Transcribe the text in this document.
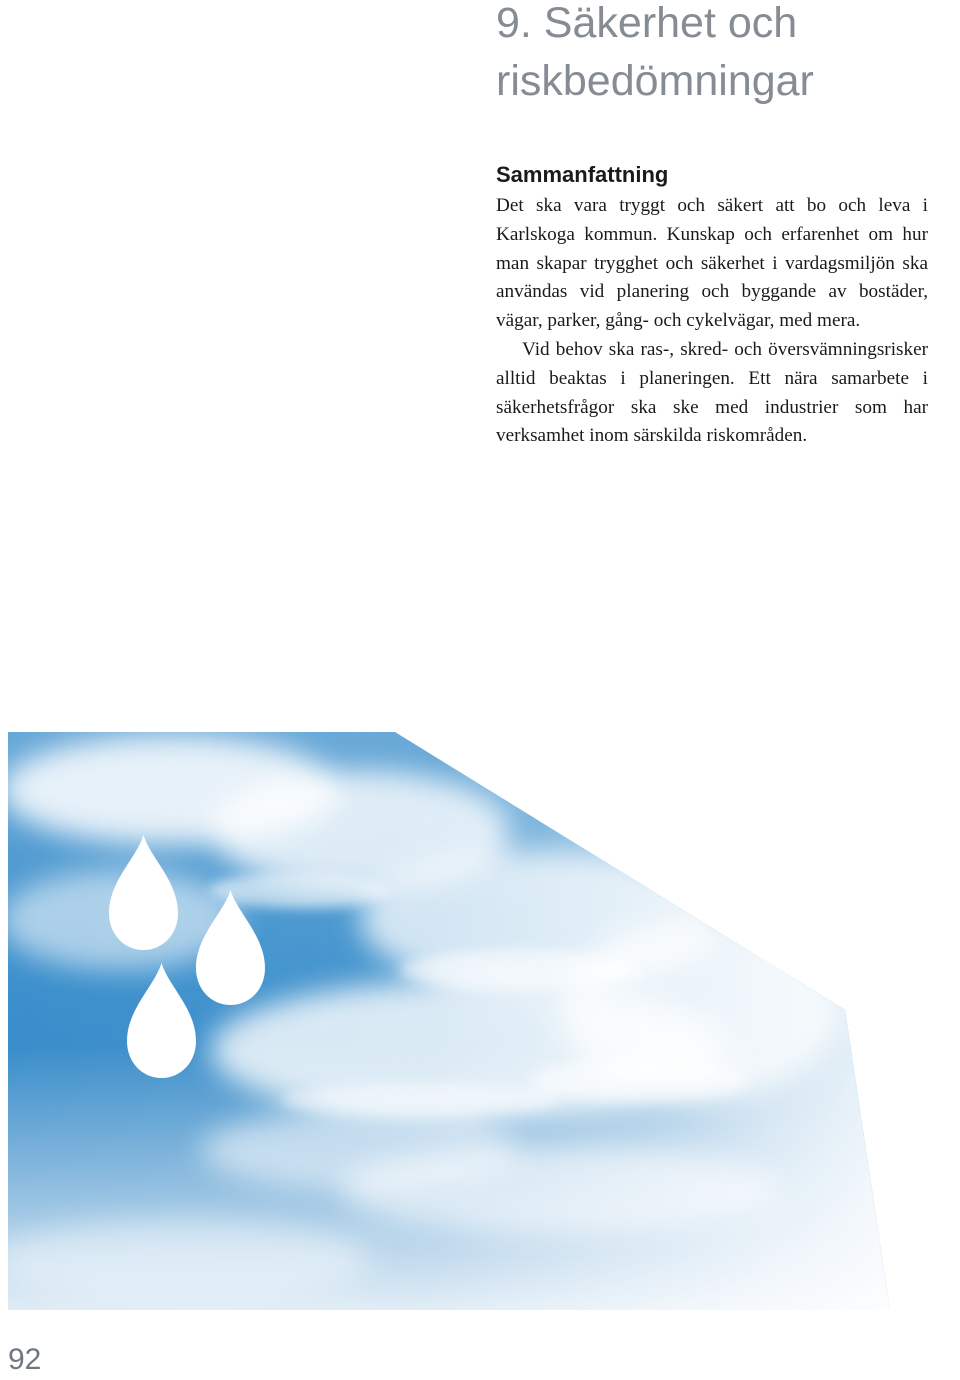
9. Säkerhet och riskbedömningar
Sammanfattning

Det ska vara tryggt och säkert att bo och leva i Karlskoga kommun. Kunskap och erfarenhet om hur man skapar trygghet och säkerhet i vardagsmiljön ska användas vid planering och byggande av bostäder, vägar, parker, gång- och cykelvägar, med mera.

Vid behov ska ras-, skred- och översvämningsrisker alltid beaktas i planeringen. Ett nära samarbete i säkerhetsfrågor ska ske med industrier som har verksamhet inom särskilda riskområden.

92
